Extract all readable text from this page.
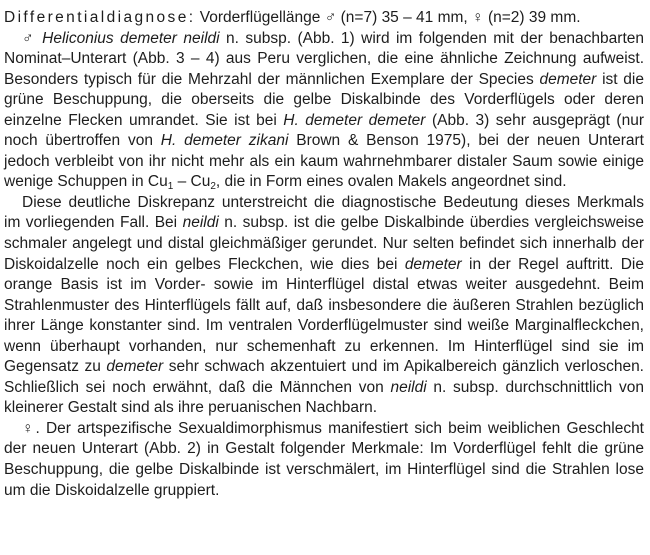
Differentialdiagnose: Vorderflügellänge ♂ (n=7) 35 – 41 mm, ♀ (n=2) 39 mm.

♂ Heliconius demeter neildi n. subsp. (Abb. 1) wird im folgenden mit der benachbarten Nominat–Unterart (Abb. 3 – 4) aus Peru verglichen, die eine ähnliche Zeichnung aufweist. Besonders typisch für die Mehrzahl der männlichen Exemplare der Species demeter ist die grüne Beschuppung, die oberseits die gelbe Diskalbinde des Vorderflügels oder deren einzelne Flecken umrandet. Sie ist bei H. demeter demeter (Abb. 3) sehr ausgeprägt (nur noch übertroffen von H. demeter zikani Brown & Benson 1975), bei der neuen Unterart jedoch verbleibt von ihr nicht mehr als ein kaum wahrnehmbarer distaler Saum sowie einige wenige Schuppen in $Cu_1 - Cu_2$, die in Form eines ovalen Makels angeordnet sind.

Diese deutliche Diskrepanz unterstreicht die diagnostische Bedeutung dieses Merkmals im vorliegenden Fall. Bei neildi n. subsp. ist die gelbe Diskalbinde überdies vergleichsweise schmaler angelegt und distal gleichmäßiger gerundet. Nur selten befindet sich innerhalb der Diskoidalzelle noch ein gelbes Fleckchen, wie dies bei demeter in der Regel auftritt. Die orange Basis ist im Vorder- sowie im Hinterflügel distal etwas weiter ausgedehnt. Beim Strahlenmuster des Hinterflügels fällt auf, daß insbesondere die äußeren Strahlen bezüglich ihrer Länge konstanter sind. Im ventralen Vorderflügelmuster sind weiße Marginalfleckchen, wenn überhaupt vorhanden, nur schemenhaft zu erkennen. Im Hinterflügel sind sie im Gegensatz zu demeter sehr schwach akzentuiert und im Apikalbereich gänzlich verloschen. Schließlich sei noch erwähnt, daß die Männchen von neildi n. subsp. durchschnittlich von kleinerer Gestalt sind als ihre peruanischen Nachbarn.

♀. Der artspezifische Sexualdimorphismus manifestiert sich beim weiblichen Geschlecht der neuen Unterart (Abb. 2) in Gestalt folgender Merkmale: Im Vorderflügel fehlt die grüne Beschuppung, die gelbe Diskalbinde ist verschmälert, im Hinterflügel sind die Strahlen lose um die Diskoidalzelle gruppiert.
